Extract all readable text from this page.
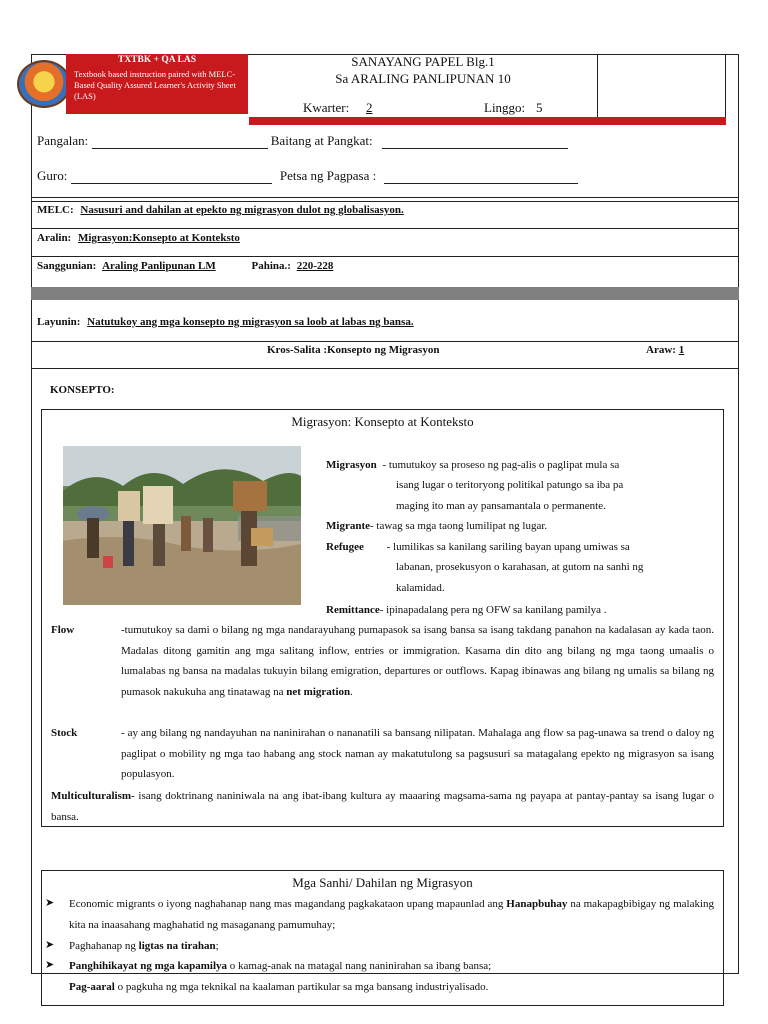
TXTBK + QA LAS
Textbook based instruction paired with MELC-Based Quality Assured Learner's Activity Sheet (LAS)
SANAYANG PAPEL Blg.1
Sa ARALING PANLIPUNAN 10
Kwarter: 2	Linggo: 5
Pangalan:	Baitang at Pangkat:
Guro:	Petsa ng Pagpasa :
MELC: Nasusuri and dahilan at epekto ng migrasyon dulot ng globalisasyon.
Aralin: Migrasyon:Konsepto at Konteksto
Sanggunian: Araling Panlipunan LM	Pahina.: 220-228
Layunin: Natutukoy ang mga konsepto ng migrasyon sa loob at labas ng bansa.
Kros-Salita :Konsepto ng Migrasyon	Araw: 1
KONSEPTO:
Migrasyon: Konsepto at Konteksto
Migrasyon - tumutukoy sa proseso ng pag-alis o paglipat mula sa
isang lugar o teritoryong politikal patungo sa iba pa
maging ito man ay pansamantala o permanente.
Migrante- tawag sa mga taong lumilipat ng lugar.
Refugee - lumilikas sa kanilang sariling bayan upang umiwas sa
labanan, prosekusyon o karahasan, at gutom na sanhi ng
kalamidad.
Remittance- ipinapadalang pera ng OFW sa kanilang pamilya .
Flow	-tumutukoy sa dami o bilang ng mga nandarayuhang pumapasok sa isang bansa sa isang takdang panahon na kadalasan ay kada taon. Madalas ditong gamitin ang mga salitang inflow, entries or immigration. Kasama din dito ang bilang ng mga taong umaalis o lumalabas ng bansa na madalas tukuyin bilang emigration, departures or outflows. Kapag ibinawas ang bilang ng umalis sa bilang ng pumasok nakukuha ang tinatawag na net migration.
Stock	- ay ang bilang ng nandayuhan na naninirahan o nananatili sa bansang nilipatan. Mahalaga ang flow sa pag-unawa sa trend o daloy ng paglipat o mobility ng mga tao habang ang stock naman ay makatutulong sa pagsusuri sa matagalang epekto ng migrasyon sa isang populasyon.
Multiculturalism- isang doktrinang naniniwala na ang ibat-ibang kultura ay maaaring magsama-sama ng payapa at pantay-pantay sa isang lugar o bansa.
Mga Sanhi/ Dahilan ng Migrasyon
➤ Economic migrants o iyong naghahanap nang mas magandang pagkakataon upang mapaunlad ang Hanapbuhay na makapagbibigay ng malaking kita na inaasahang maghahatid ng masaganang pamumuhay;
➤ Paghahanap ng ligtas na tirahan;
➤ Panghihikayat ng mga kapamilya o kamag-anak na matagal nang naninirahan sa ibang bansa;
Pag-aaral o pagkuha ng mga teknikal na kaalaman partikular sa mga bansang industriyalisado.
